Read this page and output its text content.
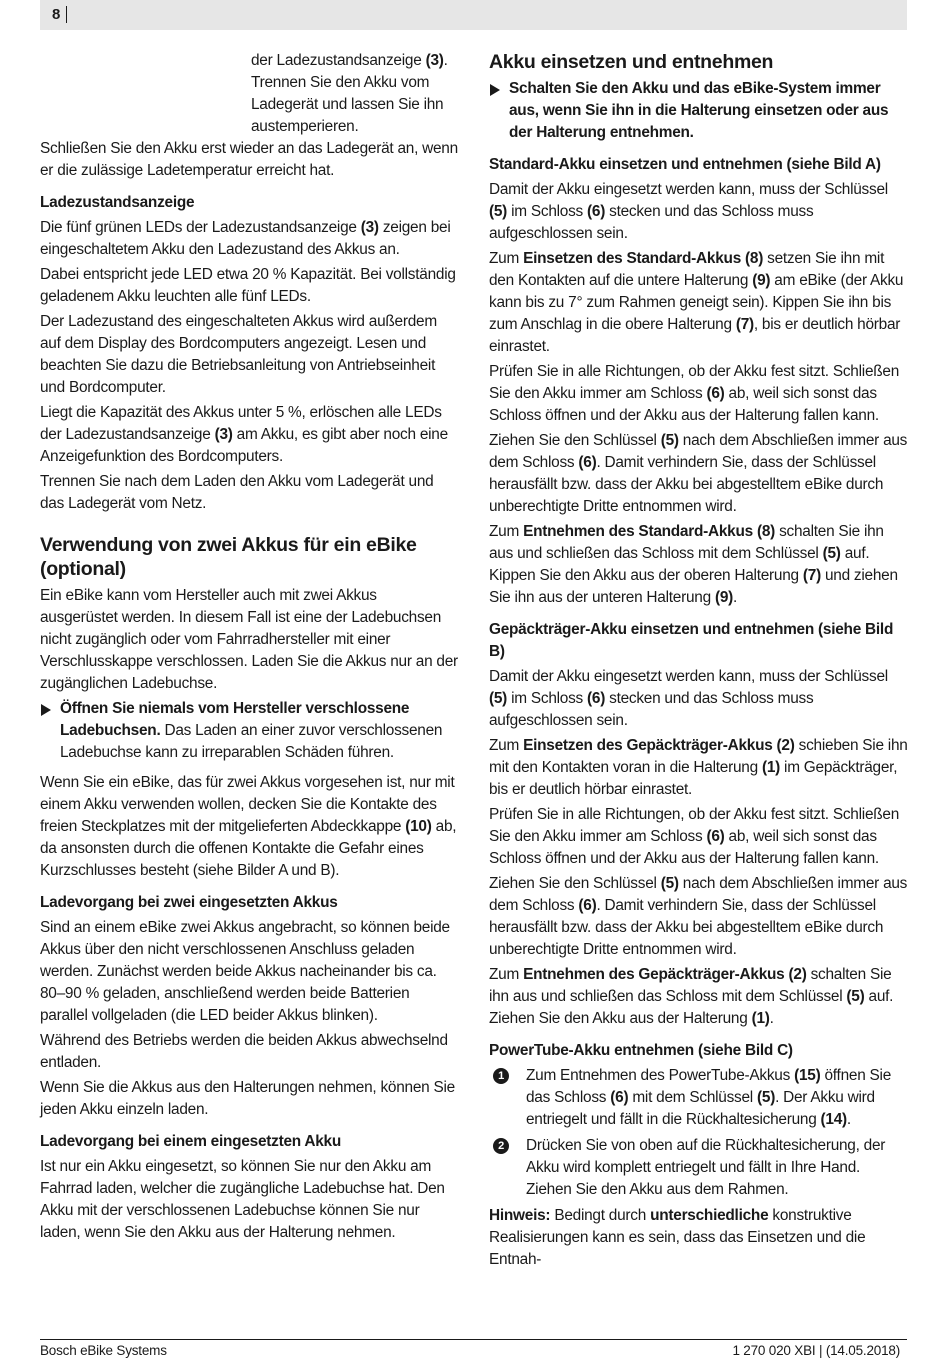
8

der Ladezustandsanzeige (3). Trennen Sie den Akku vom Ladegerät und lassen Sie ihn austemperieren.

Schließen Sie den Akku erst wieder an das Ladegerät an, wenn er die zulässige Ladetemperatur erreicht hat.

Ladezustandsanzeige

Die fünf grünen LEDs der Ladezustandsanzeige (3) zeigen bei eingeschaltetem Akku den Ladezustand des Akkus an.

Dabei entspricht jede LED etwa 20 % Kapazität. Bei vollständig geladenem Akku leuchten alle fünf LEDs.

Der Ladezustand des eingeschalteten Akkus wird außerdem auf dem Display des Bordcomputers angezeigt. Lesen und beachten Sie dazu die Betriebsanleitung von Antriebseinheit und Bordcomputer.

Liegt die Kapazität des Akkus unter 5 %, erlöschen alle LEDs der Ladezustandsanzeige (3) am Akku, es gibt aber noch eine Anzeigefunktion des Bordcomputers.

Trennen Sie nach dem Laden den Akku vom Ladegerät und das Ladegerät vom Netz.

Verwendung von zwei Akkus für ein eBike (optional)

Ein eBike kann vom Hersteller auch mit zwei Akkus ausgerüstet werden. In diesem Fall ist eine der Ladebuchsen nicht zugänglich oder vom Fahrradhersteller mit einer Verschlusskappe verschlossen. Laden Sie die Akkus nur an der zugänglichen Ladebuchse.

Öffnen Sie niemals vom Hersteller verschlossene Ladebuchsen. Das Laden an einer zuvor verschlossenen Ladebuchse kann zu irreparablen Schäden führen.

Wenn Sie ein eBike, das für zwei Akkus vorgesehen ist, nur mit einem Akku verwenden wollen, decken Sie die Kontakte des freien Steckplatzes mit der mitgelieferten Abdeckkappe (10) ab, da ansonsten durch die offenen Kontakte die Gefahr eines Kurzschlusses besteht (siehe Bilder A und B).

Ladevorgang bei zwei eingesetzten Akkus

Sind an einem eBike zwei Akkus angebracht, so können beide Akkus über den nicht verschlossenen Anschluss geladen werden. Zunächst werden beide Akkus nacheinander bis ca. 80–90 % geladen, anschließend werden beide Batterien parallel vollgeladen (die LED beider Akkus blinken).

Während des Betriebs werden die beiden Akkus abwechselnd entladen.

Wenn Sie die Akkus aus den Halterungen nehmen, können Sie jeden Akku einzeln laden.

Ladevorgang bei einem eingesetzten Akku

Ist nur ein Akku eingesetzt, so können Sie nur den Akku am Fahrrad laden, welcher die zugängliche Ladebuchse hat. Den Akku mit der verschlossenen Ladebuchse können Sie nur laden, wenn Sie den Akku aus der Halterung nehmen.

Akku einsetzen und entnehmen

Schalten Sie den Akku und das eBike-System immer aus, wenn Sie ihn in die Halterung einsetzen oder aus der Halterung entnehmen.

Standard-Akku einsetzen und entnehmen (siehe Bild A)

Damit der Akku eingesetzt werden kann, muss der Schlüssel (5) im Schloss (6) stecken und das Schloss muss aufgeschlossen sein.

Zum Einsetzen des Standard-Akkus (8) setzen Sie ihn mit den Kontakten auf die untere Halterung (9) am eBike (der Akku kann bis zu 7° zum Rahmen geneigt sein). Kippen Sie ihn bis zum Anschlag in die obere Halterung (7), bis er deutlich hörbar einrastet.

Prüfen Sie in alle Richtungen, ob der Akku fest sitzt. Schließen Sie den Akku immer am Schloss (6) ab, weil sich sonst das Schloss öffnen und der Akku aus der Halterung fallen kann.

Ziehen Sie den Schlüssel (5) nach dem Abschließen immer aus dem Schloss (6). Damit verhindern Sie, dass der Schlüssel herausfällt bzw. dass der Akku bei abgestelltem eBike durch unberechtigte Dritte entnommen wird.

Zum Entnehmen des Standard-Akkus (8) schalten Sie ihn aus und schließen das Schloss mit dem Schlüssel (5) auf. Kippen Sie den Akku aus der oberen Halterung (7) und ziehen Sie ihn aus der unteren Halterung (9).

Gepäckträger-Akku einsetzen und entnehmen (siehe Bild B)

Damit der Akku eingesetzt werden kann, muss der Schlüssel (5) im Schloss (6) stecken und das Schloss muss aufgeschlossen sein.

Zum Einsetzen des Gepäckträger-Akkus (2) schieben Sie ihn mit den Kontakten voran in die Halterung (1) im Gepäckträger, bis er deutlich hörbar einrastet.

Prüfen Sie in alle Richtungen, ob der Akku fest sitzt. Schließen Sie den Akku immer am Schloss (6) ab, weil sich sonst das Schloss öffnen und der Akku aus der Halterung fallen kann.

Ziehen Sie den Schlüssel (5) nach dem Abschließen immer aus dem Schloss (6). Damit verhindern Sie, dass der Schlüssel herausfällt bzw. dass der Akku bei abgestelltem eBike durch unberechtigte Dritte entnommen wird.

Zum Entnehmen des Gepäckträger-Akkus (2) schalten Sie ihn aus und schließen das Schloss mit dem Schlüssel (5) auf. Ziehen Sie den Akku aus der Halterung (1).

PowerTube-Akku entnehmen (siehe Bild C)

1	Zum Entnehmen des PowerTube-Akkus (15) öffnen Sie das Schloss (6) mit dem Schlüssel (5). Der Akku wird entriegelt und fällt in die Rückhaltesicherung (14).

2	Drücken Sie von oben auf die Rückhaltesicherung, der Akku wird komplett entriegelt und fällt in Ihre Hand. Ziehen Sie den Akku aus dem Rahmen.

Hinweis: Bedingt durch unterschiedliche konstruktive Realisierungen kann es sein, dass das Einsetzen und die Entnah-

Bosch eBike Systems	1 270 020 XBI | (14.05.2018)
